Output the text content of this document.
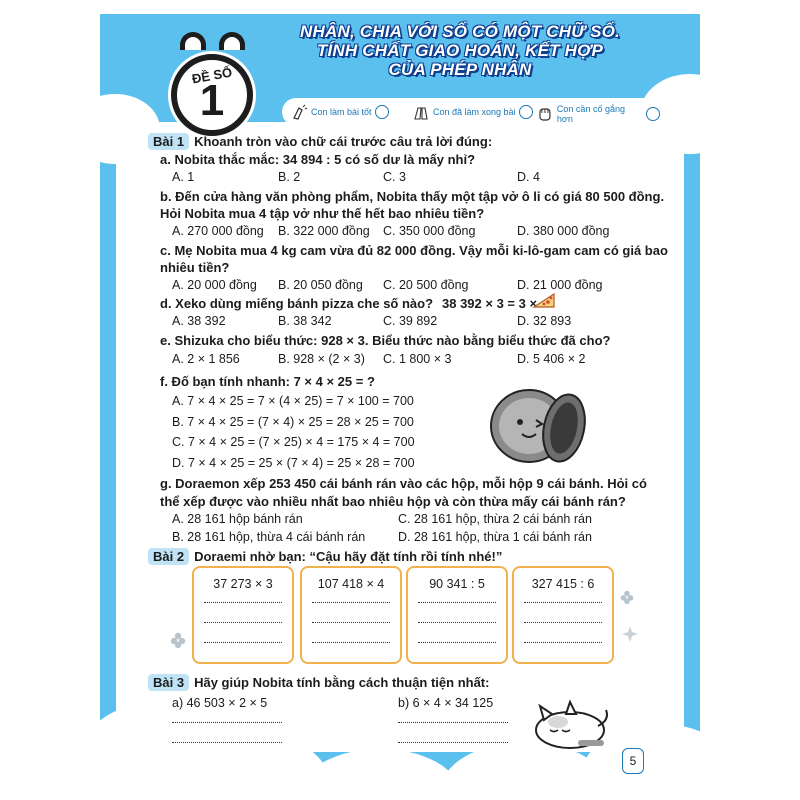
NHÂN, CHIA VỚI SỐ CÓ MỘT CHỮ SỐ.
TÍNH CHẤT GIAO HOÁN, KẾT HỢP
CỦA PHÉP NHÂN
ĐỀ SỐ
1	Con làm bài tốt	Con đã làm xong bài	Con cần cố gắng hơn
Bài 1 Khoanh tròn vào chữ cái trước câu trả lời đúng:
a. Nobita thắc mắc: 34 894 : 5 có số dư là mấy nhỉ?
A. 1	B. 2	C. 3	D. 4
b. Đến cửa hàng văn phòng phẩm, Nobita thấy một tập vở ô li có giá 80 500 đồng.
Hỏi Nobita mua 4 tập vở như thế hết bao nhiêu tiền?
A. 270 000 đồng B. 322 000 đồng C. 350 000 đồng	D. 380 000 đồng
c. Mẹ Nobita mua 4 kg cam vừa đủ 82 000 đồng. Vậy mỗi ki-lô-gam cam có giá bao
nhiêu tiền?
A. 20 000 đồng B. 20 050 đồng C. 20 500 đồng	D. 21 000 đồng
d. Xeko dùng miếng bánh pizza che số nào? 38 392 × 3 = 3 ×
A. 38 392	B. 38 342	C. 39 892	D. 32 893
e. Shizuka cho biểu thức: 928 × 3. Biểu thức nào bằng biểu thức đã cho?
A. 2 × 1 856	B. 928 × (2 × 3) C. 1 800 × 3	D. 5 406 × 2
f. Đố bạn tính nhanh: 7 × 4 × 25 = ?
A. 7 × 4 × 25 = 7 × (4 × 25) = 7 × 100 = 700
B. 7 × 4 × 25 = (7 × 4) × 25 = 28 × 25 = 700
C. 7 × 4 × 25 = (7 × 25) × 4 = 175 × 4 = 700
D. 7 × 4 × 25 = 25 × (7 × 4) = 25 × 28 = 700
g. Doraemon xếp 253 450 cái bánh rán vào các hộp, mỗi hộp 9 cái bánh. Hỏi có
thể xếp được vào nhiều nhất bao nhiêu hộp và còn thừa mấy cái bánh rán?
A. 28 161 hộp bánh rán	C. 28 161 hộp, thừa 2 cái bánh rán
B. 28 161 hộp, thừa 4 cái bánh rán	D. 28 161 hộp, thừa 1 cái bánh rán
Bài 2 Doraemi nhờ bạn: “Cậu hãy đặt tính rồi tính nhé!”
37 273 × 3	107 418 × 4	90 341 : 5	327 415 : 6
Bài 3 Hãy giúp Nobita tính bằng cách thuận tiện nhất:
a) 46 503 × 2 × 5	b) 6 × 4 × 34 125
5
